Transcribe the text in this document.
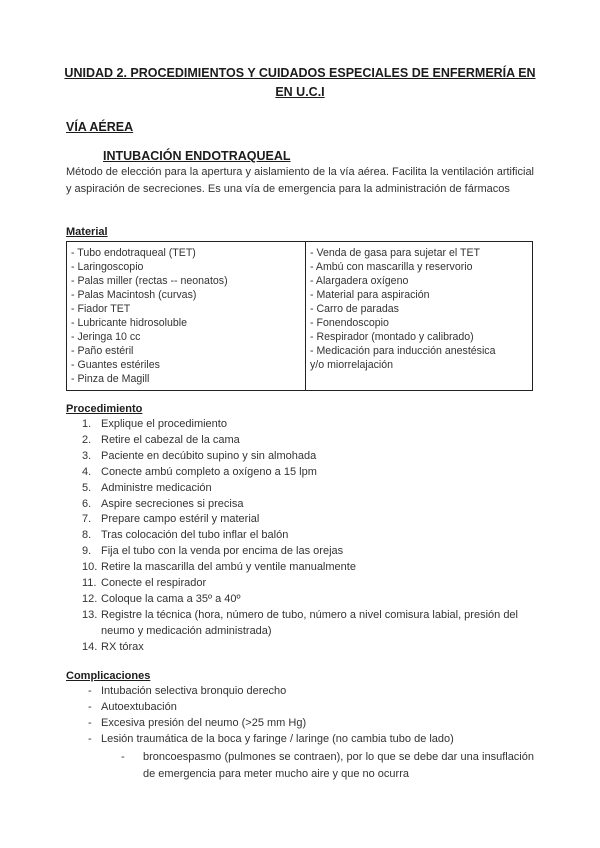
UNIDAD 2. PROCEDIMIENTOS Y CUIDADOS ESPECIALES DE ENFERMERÍA EN EN U.C.I
VÍA AÉREA
INTUBACIÓN ENDOTRAQUEAL
Método de elección para la apertura y aislamiento de la vía aérea. Facilita la ventilación artificial y aspiración de secreciones. Es una vía de emergencia para la administración de fármacos
Material
- Tubo endotraqueal (TET)
- Laringoscopio
- Palas miller (rectas -- neonatos)
- Palas Macintosh (curvas)
- Fiador TET
- Lubricante hidrosoluble
- Jeringa 10 cc
- Paño estéril
- Guantes estériles
- Pinza de Magill
- Venda de gasa para sujetar el TET
- Ambú con mascarilla y reservorio
- Alargadera oxígeno
- Material para aspiración
- Carro de paradas
- Fonendoscopio
- Respirador (montado y calibrado)
- Medicación para inducción anestésica
y/o miorrelajación
Procedimiento
1. Explique el procedimiento
2. Retire el cabezal de la cama
3. Paciente en decúbito supino y sin almohada
4. Conecte ambú completo a oxígeno a 15 lpm
5. Administre medicación
6. Aspire secreciones si precisa
7. Prepare campo estéril y material
8. Tras colocación del tubo inflar el balón
9. Fija el tubo con la venda por encima de las orejas
10. Retire la mascarilla del ambú y ventile manualmente
11. Conecte el respirador
12. Coloque la cama a 35º a 40º
13. Registre la técnica (hora, número de tubo, número a nivel comisura labial, presión del neumo y medicación administrada)
14. RX tórax
Complicaciones
- Intubación selectiva bronquio derecho
- Autoextubación
- Excesiva presión del neumo (>25 mm Hg)
- Lesión traumática de la boca y faringe / laringe (no cambia tubo de lado)
-	broncoespasmo (pulmones se contraen), por lo que se debe dar una insuflación de emergencia para meter mucho aire y que no ocurra
